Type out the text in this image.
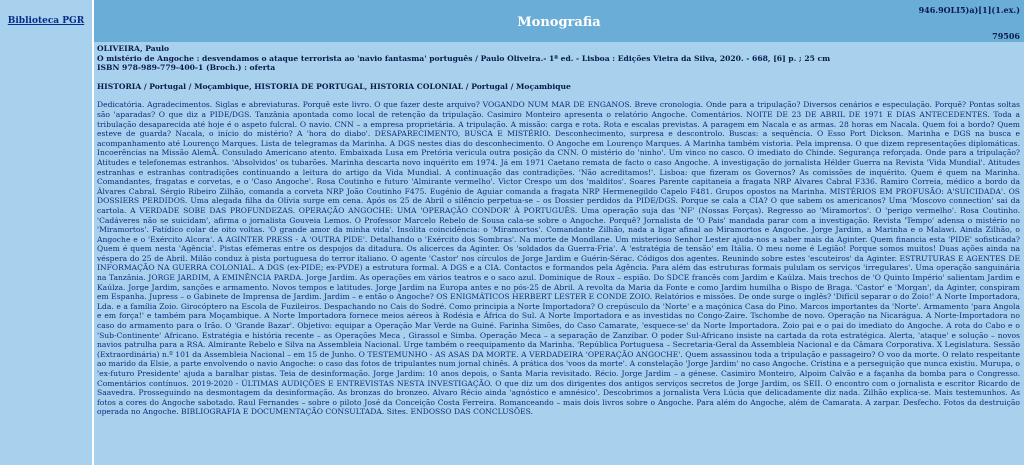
Biblioteca PGR	Monografia
946.9OLI5)a)[1](1.ex.)
79506
OLIVEIRA, Paulo
O mistério de Angoche : desvendamos o ataque terrorista ao 'navio fantasma' português / Paulo Oliveira.- 1ª ed. - Lisboa : Edições Vieira da Silva, 2020. - 668, [6] p. ; 25 cm
ISBN 978-989-779-400-1 (Broch.) : oferta
HISTORIA / Portugal / Moçambique, HISTORIA DE PORTUGAL, HISTORIA COLONIAL / Portugal / Moçambique
Dedicatória. Agradecimentos. Siglas e abreviaturas. Porquê este livro. O que fazer deste arquivo? VOGANDO NUM MAR DE ENGANOS. Breve cronologia. Onde para a tripulação? Diversos cenários e especulação. Porquê? Pontas soltas são 'aparadas? O que diz a PIDE/DGS. Tanzânia apontada como local de retenção da tripulação. Casimiro Monteiro apresenta o relatório Angoche. Comentários. NOITE DE 23 DE ABRIL DE 1971 E DIAS ANTECEDENTES. Toda a tribulação desaparecida até hoje é o aspeto fulcral. O navio. CNN – a empresa proprietária. A tripulação. A missão: carga e rota. Rota e escalas previstas. A paragem em Nacala e as armas. 28 horas em Nacala. Quem foi a bordo? Quem esteve de guarda? Nacala, o início do mistério? A 'hora do diabo'. DESAPARECIMENTO, BUSCA E MISTÉRIO. Desconhecimento, surpresa e descontrolo. Buscas: a sequência. O Esso Port Dickson. Marinha e DGS na busca e acompanhamento até Lourenço Marques. Lista de telegramas da Marinha. A DGS nestes dias do desconhecimento. O Angoche em Lourenço Marques. A Marinha também vistoria. Pela imprensa. O que dizem representações diplomáticas. Incoerências na Missão AlemÃ. Consulado Americano atento. Embaixada Lusa em Pretória vericula outra posição da CNN. O mistério do 'ninho'. Um vinco no casco. O imediato do Chinde. Segurança reforçada. Onde para a tripulação? Atitudes e telefonemas estranhos. 'Absolvidos' os tubarões. Marinha descarta novo inquérito em 1974. Já em 1971 Caetano remata de facto o caso Angoche. A investigação do jornalista Hélder Guerra na Revista 'Vida Mundial'. Atitudes estranhas e estranhas contradições continuando a leitura do artigo da Vida Mundial. A continuação das contradições. 'Não acreditamos!'. Lisboa: que fizeram os Governos? As comissões de inquérito. Quem é quem na Marinha. Comandantes, fragatas e corvetas, e o 'Caso Angoche'. Rosa Coutinho e futuro 'Almirante vermelho'. Victor Crespo um dos 'malditos'. Soares Parente capitaneia a fragata NRP Alvares Cabral F336. Ramiro Correia, médico a bordo da Álvares Cabral. Sérgio Ribeiro Zilhão, comanda a corveta NRP João Coutinho F475. Eugénio de Aguiar comanda a fragata NRP Hermenegildo Capelo F481. Grupos opostos na Marinha. MISTÉRIOS EM PROFUSÃO: A'SUICIDADA'. OS DOSSIERS PERDIDOS. Uma alegada filha da Olívia surge em cena. Após os 25 de Abril o silêncio perpetua-se – os Dossier perdidos da PIDE/DGS. Porque se cala a CIA? O que sabem os americanos? Uma 'Moscovo connection' sai da cartola. A VERDADE SOBE DAS PROFUNDEZAS. OPERAÇÃO ANGOCHE: UMA 'OPERAÇÃO CONDOR' À PORTUGUÊS. Uma operação suja das 'NF' (Nossas Forças). Regresso ao 'Miramortos'. O 'perigo vermelho'. Rosa Coutinho. 'Cadáveres não se suicidam', afirma o jornalista Gouveia Lemos. O Professor Marcelo Rebelo de Sousa cala-se sobre o Angoche. Porquê? Jornalista de 'O Pais' mandada parar com a investigação. Revista 'Tempo' adensa o mistério no 'Miramortos'. Fatídico colar de oito voltas. 'O grande amor da minha vida'. Insólita coincidência: o 'Miramortos'. Comandante Zilhão, nada a ligar afinal ao Miramortos e Angoche. Jorge Jardim, a Marinha e o Malawi. Ainda Zilhão, o Angoche e o 'Exército Alcora'. A AGINTER PRESS - A 'OUTRA PIDE'. Detalhando o 'Exército dos Sombras'. Na morte de Mondlane. Um misterioso Senhor Lester ajuda-nos a saber mais da Aginter. Quem financia esta 'PIDE' sofisticada? Quem é quem nesta 'Agência'. Pistas efémeras entre os despojos da ditadura. Os alicerces da Aginter. Os 'soldados da Guerra-Fria'. A 'estratégia de tensão' em Itália. O meu nome é Legião! Porque somos muitos! Duas ações ainda na véspera do 25 de Abril. Milão conduz à pista portuguesa do terror italiano. O agente 'Castor' nos círculos de Jorge Jardim e Guérin-Sérac. Códigos dos agentes. Reunindo sobre estes 'escuteiros' da Aginter. ESTRUTURAS E AGENTES DE INFORMAÇÃO NA GUERRA COLONIAL. A DGS (ex-PIDE; ex-PVDE) a estrutura formal. A DGS e a CIA. Contactos e formandos pela Agência. Para além das estruturas formais pululam os serviços 'irregulares'. Uma operação sanguinária na Tanzânia. JORGE JARDIM, A EMINÊNCIA PARDA. Jorge Jardim. As operações em vários teatros e o saco azul. Dominique de Roux – espião. Do SDCE francês com Jardim e Kaúlza. Mais trechos de 'O Quinto Império' salientam Jardim e Kaúlza. Jorge Jardim, sanções e armamento. Novos tempos e latitudes. Jorge Jardim na Europa antes e no pós-25 de Abril. A revolta da Maria da Fonte e como Jardim humilha o Bispo de Braga. 'Castor' e 'Morgan', da Aginter, conspiram em Espanha. Jupress – o Gabinete de Imprensa de Jardim. Jardim – e então o Angoche? OS ENIGMÁTICOS HERBERT LESTER E CONDE ZOIO. Relatórios e missões. De onde surge o inglês? 'Difícil separar o do Zoio!' A Norte Importadora, Lda. e a família Zoio. Girocóptero na Escola de Fuzileiros. Despachando no Cais do Sodré. Como principia a Norte Importadora? O crepúsculo da 'Norte' e a maçónica Casa do Pino. Marcos importantes da 'Norte'. Armamento 'para Angola e em força!' e também para Moçambique. A Norte Importadora fornece meios aéreos à Rodésia e África do Sul. A Norte Importadora e as investidas no Congo-Zaire. Tschombe de novo. Operação na Nicarágua. A Norte-Importadora no caso do armamento para o Irão. O 'Grande Bazar'. Objetivo: equipar a Operação Mar Verde na Guiné. Farinha Simões, do Caso Camarate, 'esquece-se' da Norte Importadora. Zoio pai e o pai do imediato do Angoche. A rota do Cabo e o 'Sub-Continente' Africano. Estratégia e história recente – as Operações Meca , Girassol e Simba. Operação Meca – a separação de Zanzibar. O poder Sul-Africano insiste na cartada da rota estratégica. Alerta, 'ataque' e solução – novos navios patrulha para a RSA. Almirante Rebelo e Silva na Assembleia Nacional. Urge também o reequipamento da Marinha. 'República Portuguesa – Secretaria-Geral da Assembleia Nacional e da Câmara Corporativa. X Legislatura. Sessão (Extraordinária) n.º 101 da Assembleia Nacional – em 15 de Junho. O TESTEMUNHO - AS ASAS DA MORTE. A VERDADEIRA 'OPERAÇÃO ANGOCHE'. Quem assassinou toda a tripulação e passageiro? O voo da morte. O relato respeitante ao marido da Elsie, a parte envolvendo o navio Angoche: o caso das fotos de tripulantes num jornal chinês. A prática dos 'voos da morte'. A constelação 'Jorge Jardim' no caso Angoche. Cristina e a perseguição que nunca existiu. Murupa, o 'ex-futuro Presidente' ajuda a baralhar pistas. Teia de desinformação. Jorge Jardim: 10 anos depois, o Santa Maria revisitado. Récio. Jorge Jardim – a génese. Casimiro Monteiro, Alpoim Calvão e a façanha da bomba para o Congresso. Comentários contínuos. 2019-2020 - ÚLTIMAS AUDIÇÕES E ENTREVISTAS NESTA INVESTIGAÇÃO. O que diz um dos dirigentes dos antigos serviços secretos de Jorge Jardim, os SEII. O encontro com o jornalista e escritor Ricardo de Saavedra. Prosseguindo na desmontagem da desinformação. As bronzas do bronzeo. Alvaro Récio ainda 'agnóstico e amnésico'. Descobrimos a jornalista Vera Lúcia que delicadamente diz nada. Zilhão explica-se. Mais testemunhos. As fotos a cores do Angoche sabotado. Raul Fernandes – sobre o piloto José da Conceição Costa Ferreira. Romanceando – mais dois livros sobre o Angoche. Para além do Angoche, além de Camarata. A zarpar. Desfecho. Fotos da destruição operada no Angoche. BIBLIOGRAFIA E DOCUMENTAÇÃO CONSULTADA. Sites. ENDOSSO DAS CONCLUSÕES.
